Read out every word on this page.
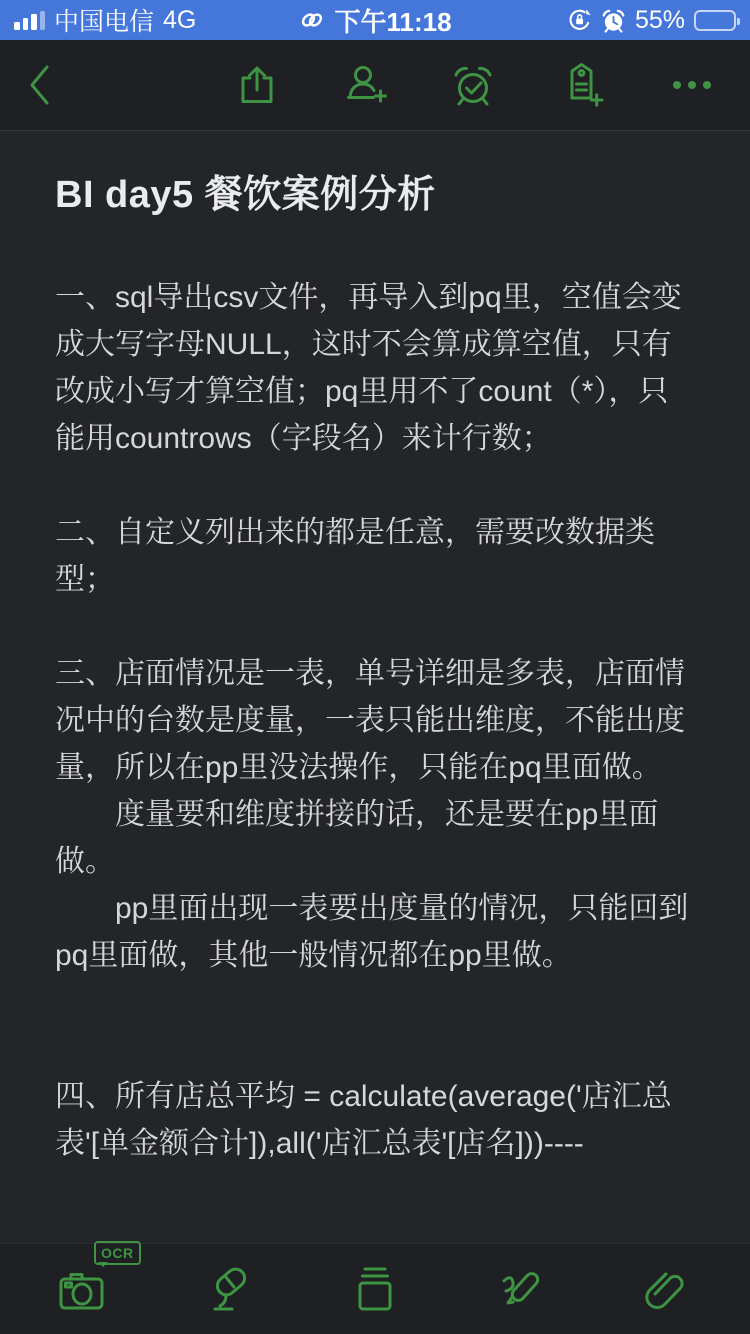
中国电信 4G	下午11:18	55%
BI day5 餐饮案例分析

一、sql导出csv文件，再导入到pq里，空值会变成大写字母NULL，这时不会算成算空值，只有改成小写才算空值；pq里用不了count（*），只能用countrows（字段名）来计行数；

二、自定义列出来的都是任意，需要改数据类型；

三、店面情况是一表，单号详细是多表，店面情况中的台数是度量，一表只能出维度，不能出度量，所以在pp里没法操作，只能在pq里面做。

　　度量要和维度拼接的话，还是要在pp里面做。

　　pp里面出现一表要出度量的情况，只能回到pq里面做，其他一般情况都在pp里做。

四、所有店总平均 = calculate(average('店汇总表'[单金额合计]),all('店汇总表'[店名]))----

OCR
